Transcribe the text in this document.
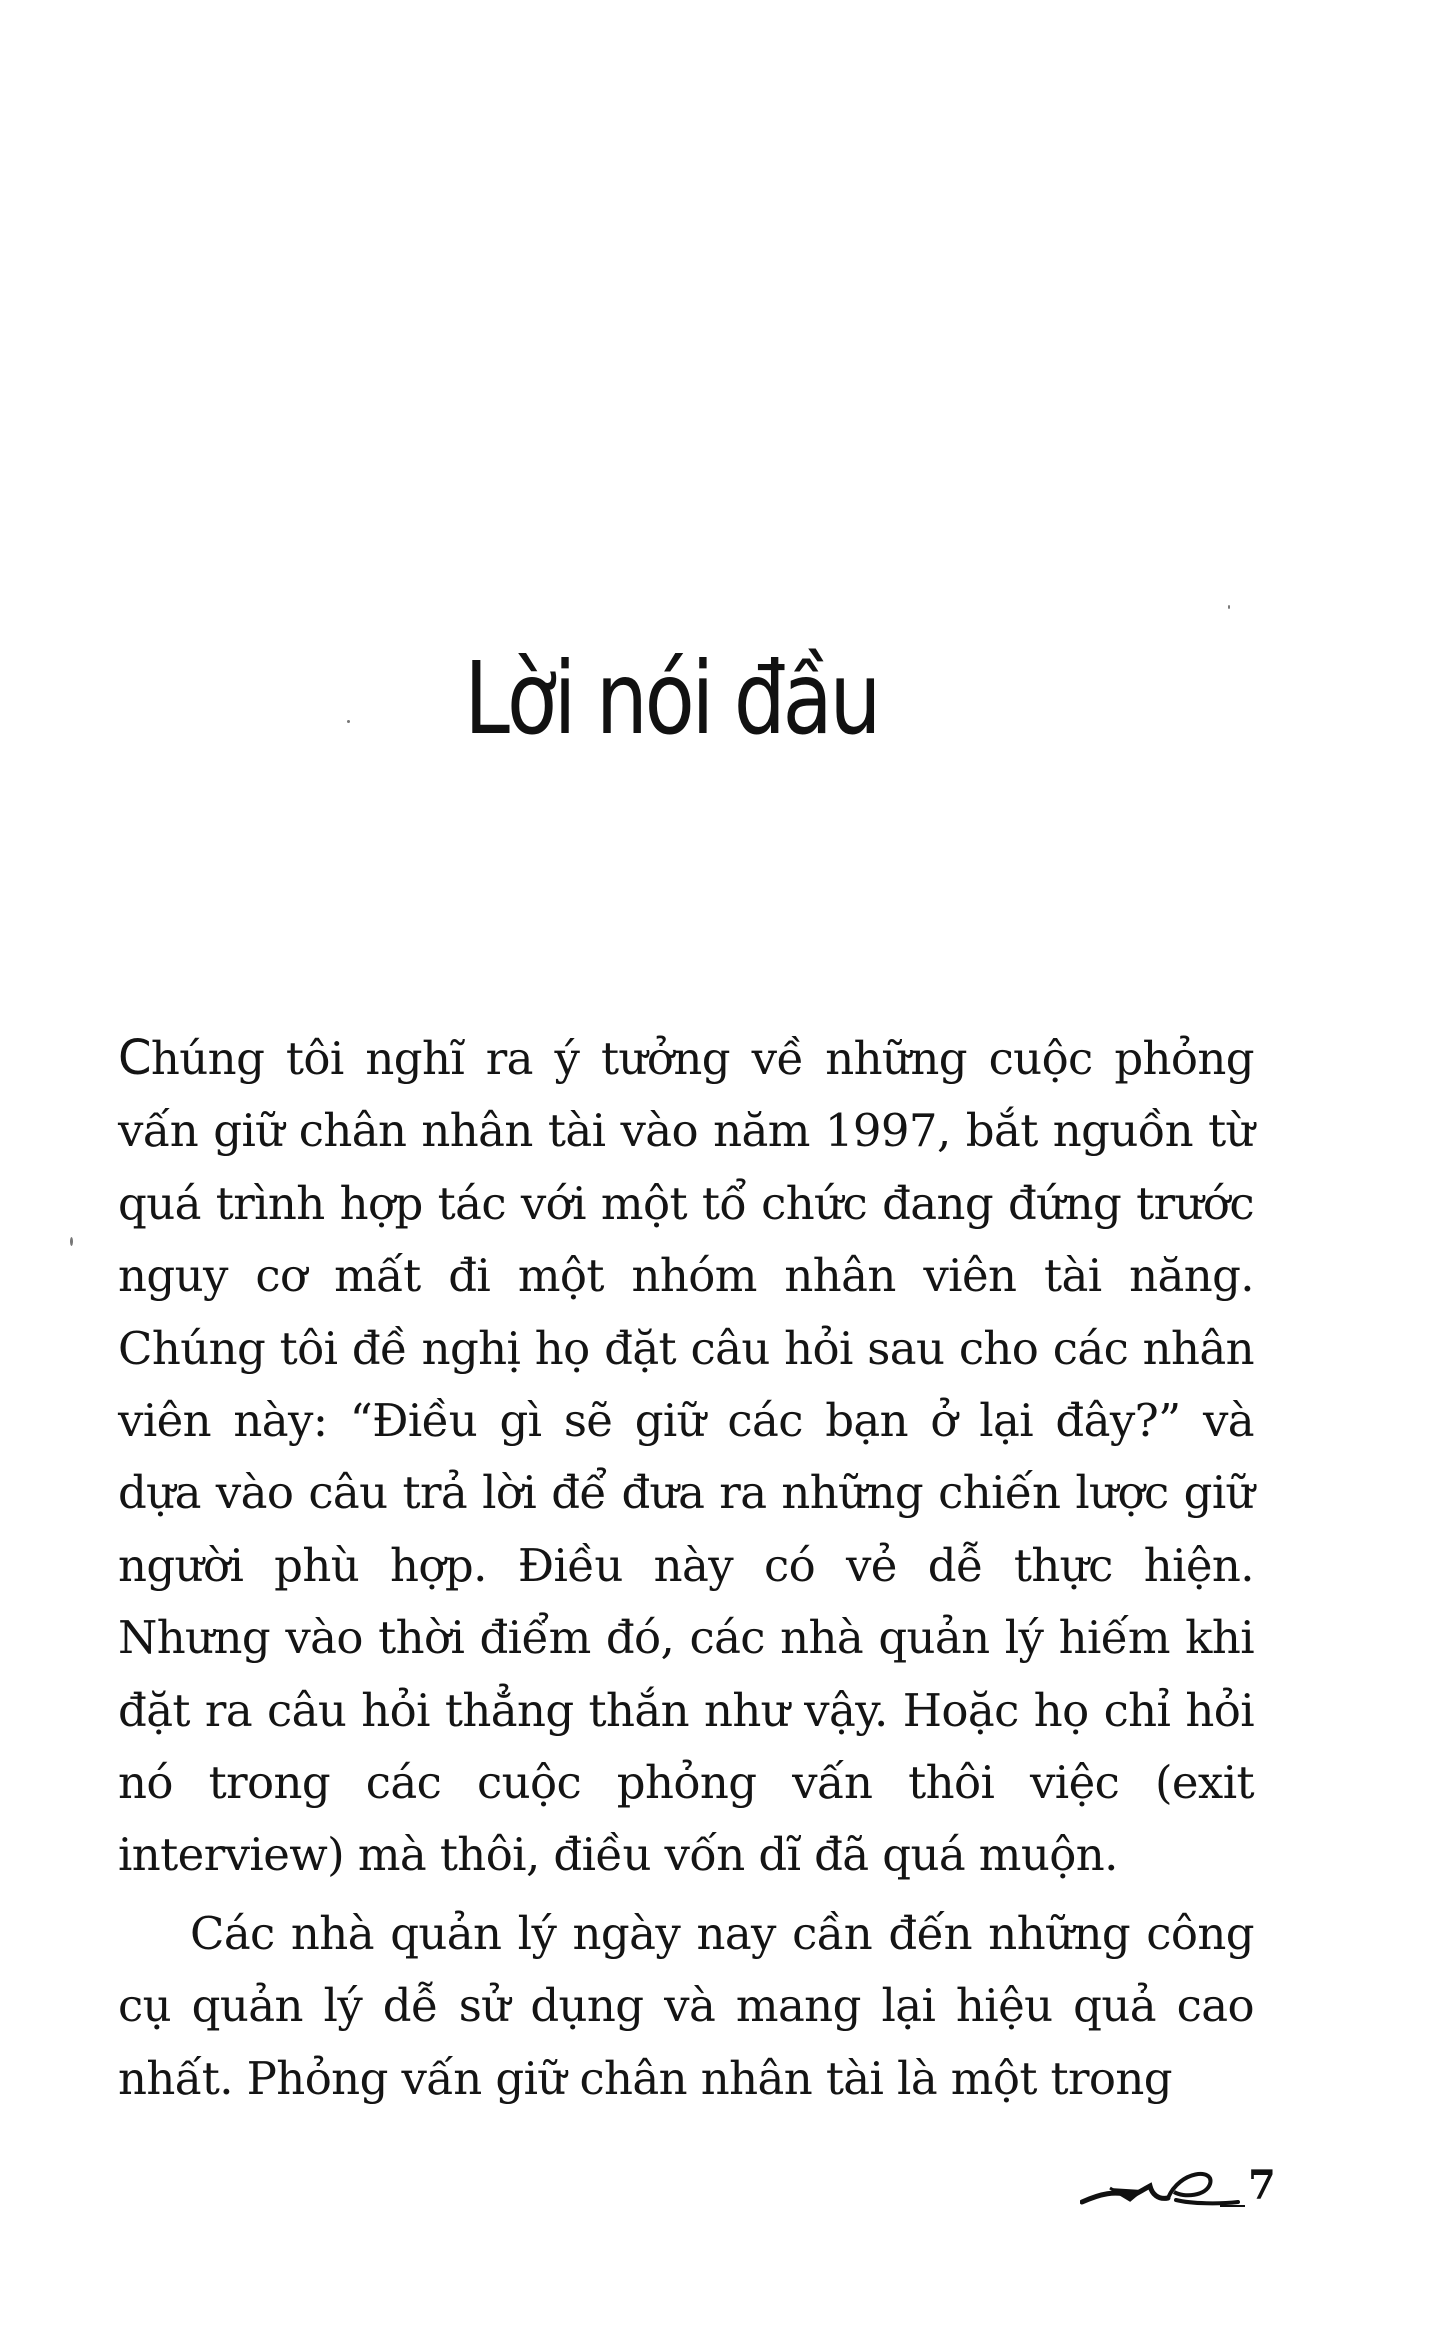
Lời nói đầu

Chúng tôi nghĩ ra ý tưởng về những cuộc phỏng vấn giữ chân nhân tài vào năm 1997, bắt nguồn từ quá trình hợp tác với một tổ chức đang đứng trước nguy cơ mất đi một nhóm nhân viên tài năng. Chúng tôi đề nghị họ đặt câu hỏi sau cho các nhân viên này: “Điều gì sẽ giữ các bạn ở lại đây?” và dựa vào câu trả lời để đưa ra những chiến lược giữ người phù hợp. Điều này có vẻ dễ thực hiện. Nhưng vào thời điểm đó, các nhà quản lý hiếm khi đặt ra câu hỏi thẳng thắn như vậy. Hoặc họ chỉ hỏi nó trong các cuộc phỏng vấn thôi việc (exit interview) mà thôi, điều vốn dĩ đã quá muộn.

Các nhà quản lý ngày nay cần đến những công cụ quản lý dễ sử dụng và mang lại hiệu quả cao nhất. Phỏng vấn giữ chân nhân tài là một trong

7
